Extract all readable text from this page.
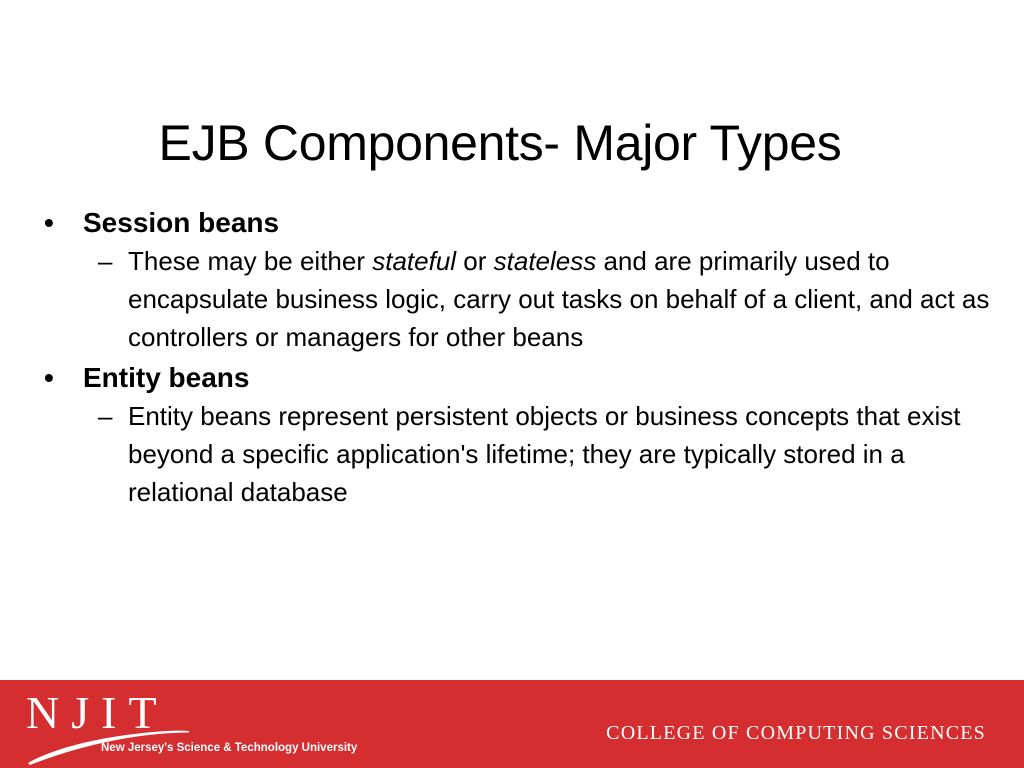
EJB Components- Major Types
• Session beans
– These may be either stateful or stateless and are primarily used to encapsulate business logic, carry out tasks on behalf of a client, and act as controllers or managers for other beans
• Entity beans
– Entity beans represent persistent objects or business concepts that exist beyond a specific application's lifetime; they are typically stored in a relational database
NJIT
New Jersey's Science & Technology University
COLLEGE OF COMPUTING SCIENCES
